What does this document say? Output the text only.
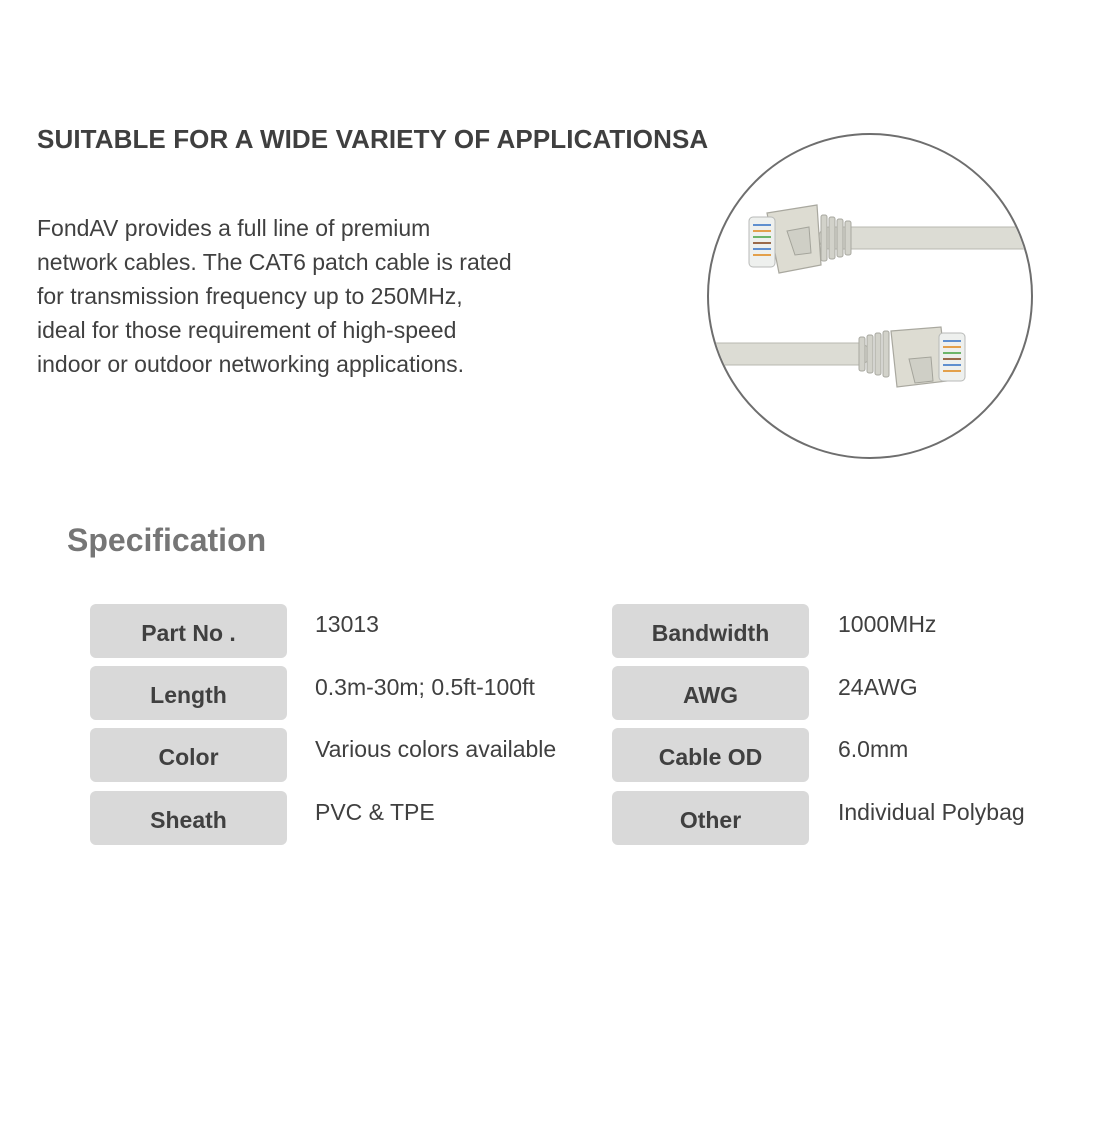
SUITABLE FOR A WIDE VARIETY OF APPLICATIONSA
FondAV provides a full line of premium
network cables. The CAT6 patch cable is rated
for transmission frequency up to 250MHz,
ideal for those requirement of high-speed
indoor or outdoor networking applications.
Specification
Part No .	13013
Length	0.3m-30m; 0.5ft-100ft
Color	Various colors available
Sheath	PVC & TPE
Bandwidth	1000MHz
AWG	24AWG
Cable OD	6.0mm
Other	Individual Polybag
